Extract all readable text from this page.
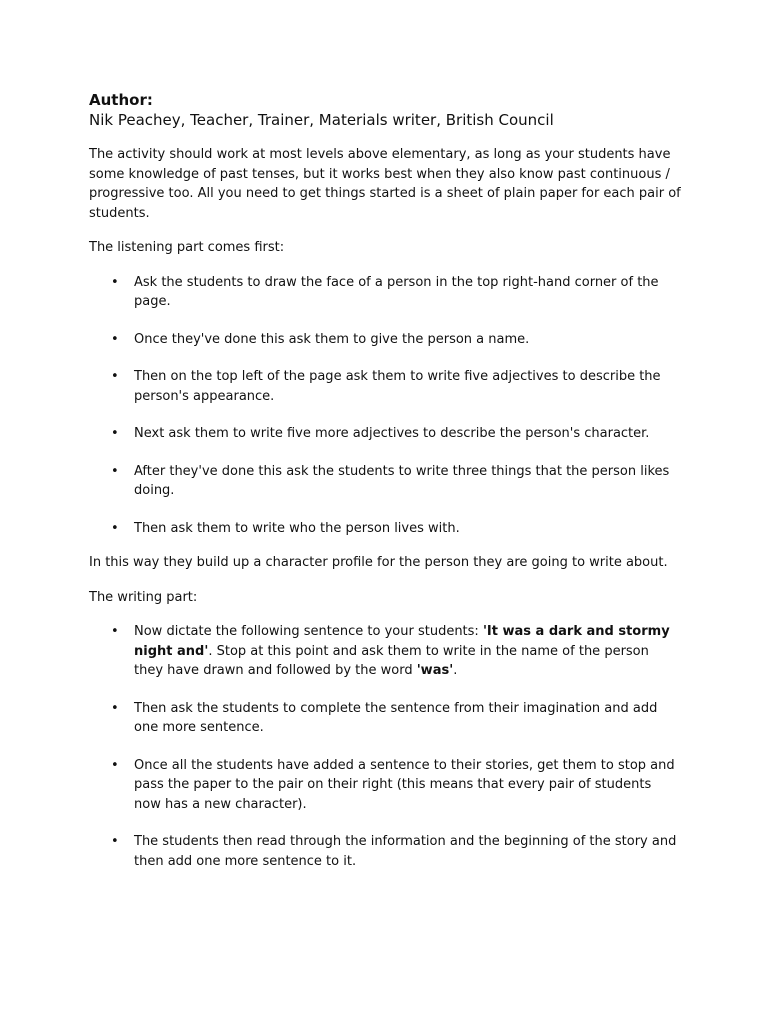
Author:
Nik Peachey, Teacher, Trainer, Materials writer, British Council

The activity should work at most levels above elementary, as long as your students have some knowledge of past tenses, but it works best when they also know past continuous / progressive too. All you need to get things started is a sheet of plain paper for each pair of students.

The listening part comes first:

• Ask the students to draw the face of a person in the top right-hand corner of the page.
• Once they've done this ask them to give the person a name.
• Then on the top left of the page ask them to write five adjectives to describe the person's appearance.
• Next ask them to write five more adjectives to describe the person's character.
• After they've done this ask the students to write three things that the person likes doing.
• Then ask them to write who the person lives with.

In this way they build up a character profile for the person they are going to write about.

The writing part:

• Now dictate the following sentence to your students: 'It was a dark and stormy night and'. Stop at this point and ask them to write in the name of the person they have drawn and followed by the word 'was'.
• Then ask the students to complete the sentence from their imagination and add one more sentence.
• Once all the students have added a sentence to their stories, get them to stop and pass the paper to the pair on their right (this means that every pair of students now has a new character).
• The students then read through the information and the beginning of the story and then add one more sentence to it.
